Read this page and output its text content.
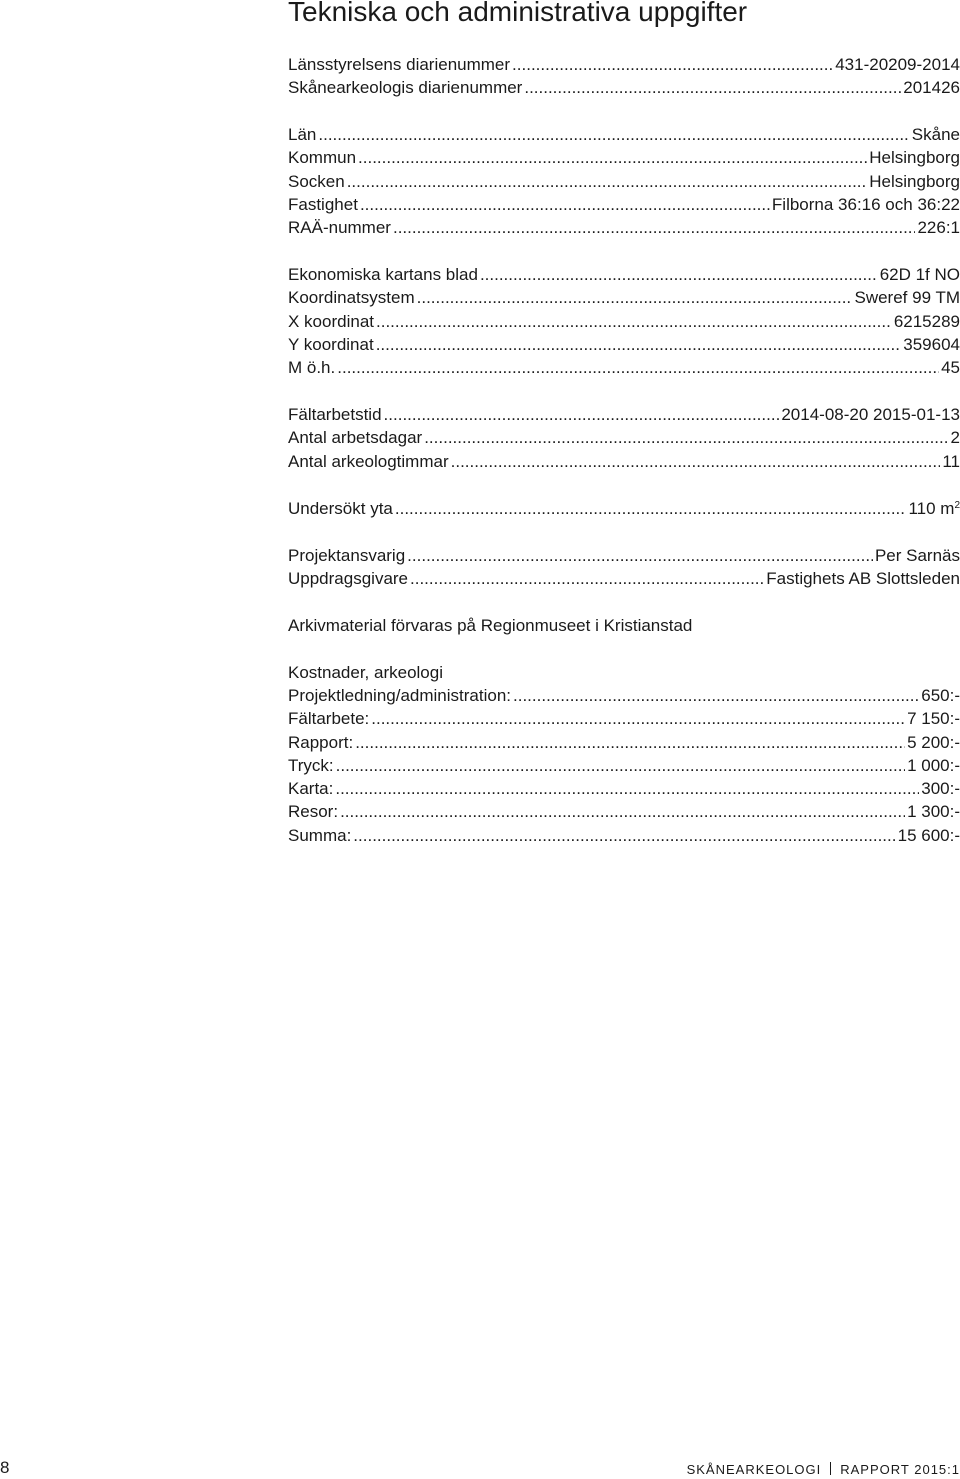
Tekniska och administrativa uppgifter
Länsstyrelsens diarienummer .....	431-20209-2014
Skånearkeologis diarienummer .....	201426
Län .....	Skåne
Kommun .....	Helsingborg
Socken .....	Helsingborg
Fastighet .....	Filborna 36:16 och 36:22
RAÄ-nummer .....	226:1
Ekonomiska kartans blad .....	62D 1f NO
Koordinatsystem .....	Sweref 99 TM
X koordinat .....	6215289
Y koordinat .....	359604
M ö.h. .....	45
Fältarbetstid .....	2014-08-20 2015-01-13
Antal arbetsdagar .....	2
Antal arkeologtimmar .....	11
Undersökt yta .....	110 $m^2$
Projektansvarig .....	Per Sarnäs
Uppdragsgivare .....	Fastighets AB Slottsleden

Arkivmaterial förvaras på Regionmuseet i Kristianstad

Kostnader, arkeologi

Projektledning/administration: .....	650:-
Fältarbete: .....	7 150:-
Rapport: .....	5 200:-
Tryck: .....	1 000:-
Karta: .....	300:-
Resor: .....	1 300:-
Summa: .....	15 600:-

8	SKÅNEARKEOLOGI RAPPORT 2015:1
